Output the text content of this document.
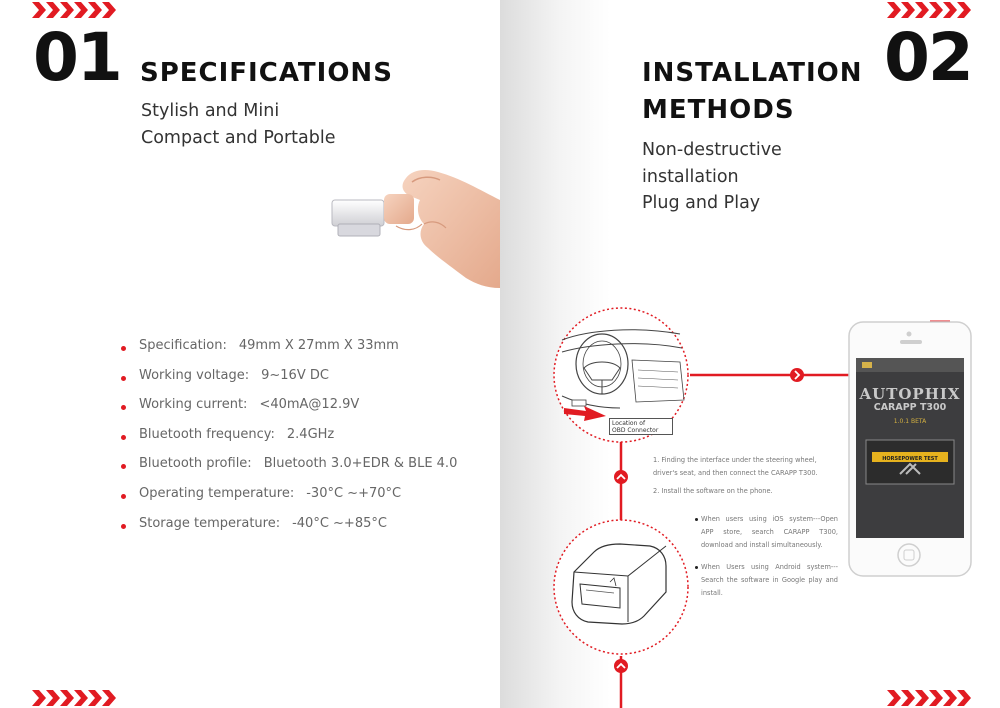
01 SPECIFICATIONS
Stylish and Mini
Compact and Portable
Specification: 49mm X 27mm X 33mm
Working voltage: 9~16V DC
Working current: <40mA@12.9V
Bluetooth frequency: 2.4GHz
Bluetooth profile: Bluetooth 3.0+EDR & BLE 4.0
Operating temperature: -30°C ~+70°C
Storage temperature: -40°C ~+85°C
02
INSTALLATION
METHODS
Non-destructive
installation
Plug and Play
AUTOPHIX
CARAPP T300
1.0.1 BETA
HORSEPOWER TEST
Location of
OBD Connector
1. Finding the interface under the steering wheel, driver's seat, and then connect the CARAPP T300.
2. Install the software on the phone.
When users using iOS system---Open APP store, search CARAPP T300, download and install simultaneously.
When Users using Android system--- Search the software in Google play and install.
